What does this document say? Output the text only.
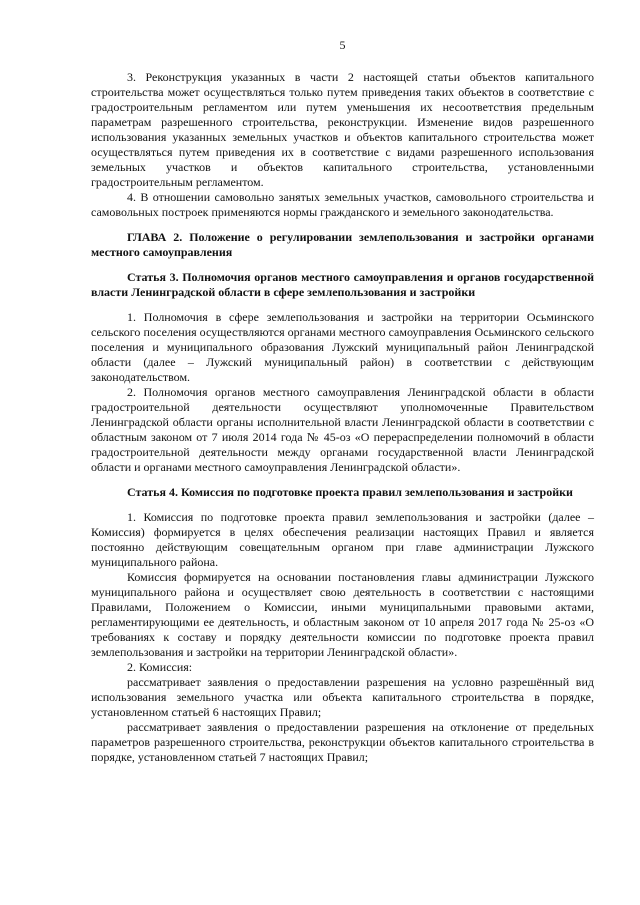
5

3. Реконструкция указанных в части 2 настоящей статьи объектов капитального строительства может осуществляться только путем приведения таких объектов в соответствие с градостроительным регламентом или путем уменьшения их несоответствия предельным параметрам разрешенного строительства, реконструкции. Изменение видов разрешенного использования указанных земельных участков и объектов капитального строительства может осуществляться путем приведения их в соответствие с видами разрешенного использования земельных участков и объектов капитального строительства, установленными градостроительным регламентом.

4. В отношении самовольно занятых земельных участков, самовольного строительства и самовольных построек применяются нормы гражданского и земельного законодательства.

ГЛАВА 2. Положение о регулировании землепользования и застройки органами местного самоуправления

Статья 3. Полномочия органов местного самоуправления и органов государственной власти Ленинградской области в сфере землепользования и застройки

1. Полномочия в сфере землепользования и застройки на территории Осьминского сельского поселения осуществляются органами местного самоуправления Осьминского сельского поселения и муниципального образования Лужский муниципальный район Ленинградской области (далее – Лужский муниципальный район) в соответствии с действующим законодательством.

2. Полномочия органов местного самоуправления Ленинградской области в области градостроительной деятельности осуществляют уполномоченные Правительством Ленинградской области органы исполнительной власти Ленинградской области в соответствии с областным законом от 7 июля 2014 года № 45-оз «О перераспределении полномочий в области градостроительной деятельности между органами государственной власти Ленинградской области и органами местного самоуправления Ленинградской области».

Статья 4. Комиссия по подготовке проекта правил землепользования и застройки

1. Комиссия по подготовке проекта правил землепользования и застройки (далее – Комиссия) формируется в целях обеспечения реализации настоящих Правил и является постоянно действующим совещательным органом при главе администрации Лужского муниципального района.

Комиссия формируется на основании постановления главы администрации Лужского муниципального района и осуществляет свою деятельность в соответствии с настоящими Правилами, Положением о Комиссии, иными муниципальными правовыми актами, регламентирующими ее деятельность, и областным законом от 10 апреля 2017 года № 25-оз «О требованиях к составу и порядку деятельности комиссии по подготовке проекта правил землепользования и застройки на территории Ленинградской области».

2. Комиссия:

рассматривает заявления о предоставлении разрешения на условно разрешённый вид использования земельного участка или объекта капитального строительства в порядке, установленном статьей 6 настоящих Правил;

рассматривает заявления о предоставлении разрешения на отклонение от предельных параметров разрешенного строительства, реконструкции объектов капитального строительства в порядке, установленном статьей 7 настоящих Правил;
